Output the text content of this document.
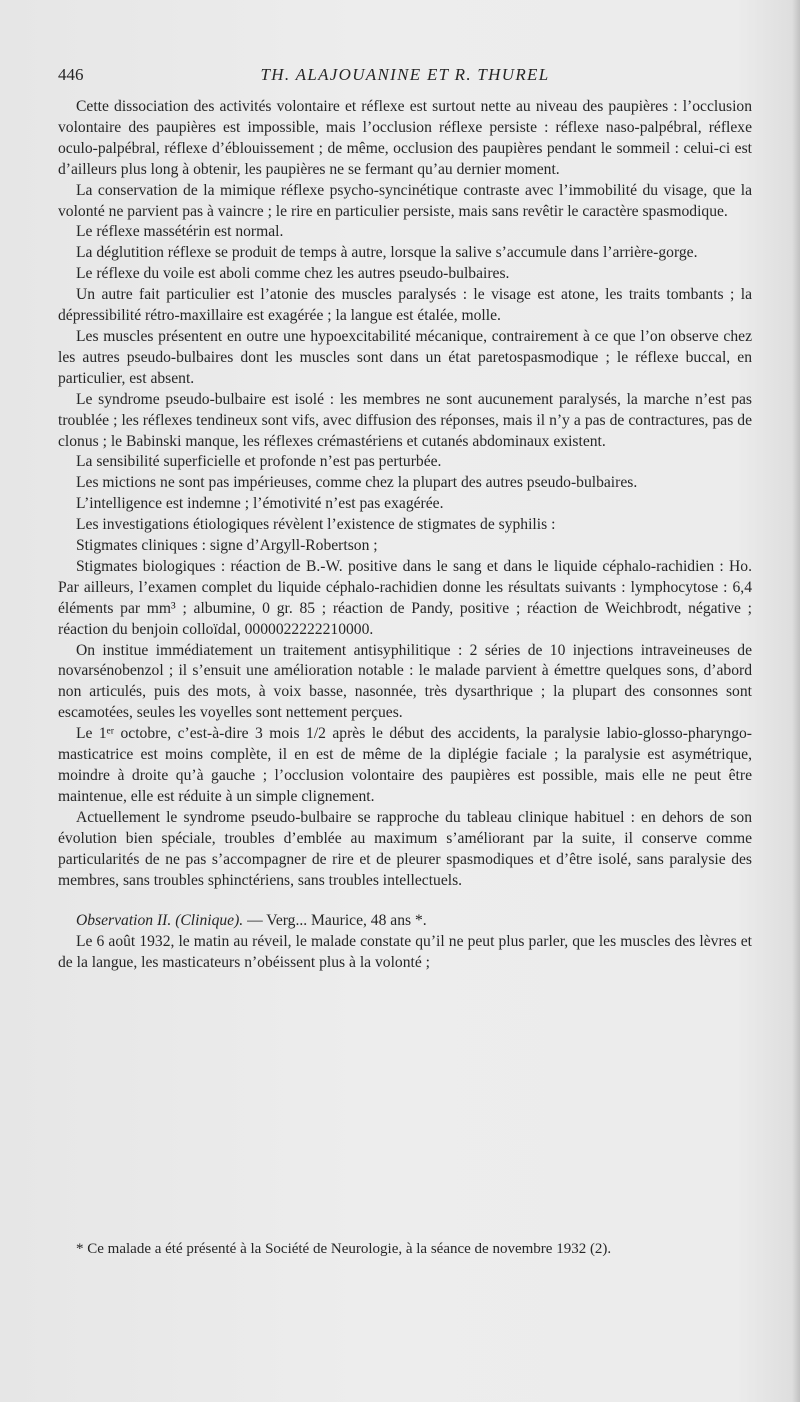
446	TH. ALAJOUANINE ET R. THUREL

Cette dissociation des activités volontaire et réflexe est surtout nette au niveau des paupières : l’occlusion volontaire des paupières est impossible, mais l’occlusion réflexe persiste : réflexe naso-palpébral, réflexe oculo-palpébral, réflexe d’éblouissement ; de même, occlusion des paupières pendant le sommeil : celui-ci est d’ailleurs plus long à obtenir, les paupières ne se fermant qu’au dernier moment.

La conservation de la mimique réflexe psycho-syncinétique contraste avec l’immobilité du visage, que la volonté ne parvient pas à vaincre ; le rire en particulier persiste, mais sans revêtir le caractère spasmodique.

Le réflexe massétérin est normal.

La déglutition réflexe se produit de temps à autre, lorsque la salive s’accumule dans l’arrière-gorge.

Le réflexe du voile est aboli comme chez les autres pseudo-bulbaires.

Un autre fait particulier est l’atonie des muscles paralysés : le visage est atone, les traits tombants ; la dépressibilité rétro-maxillaire est exagérée ; la langue est étalée, molle.

Les muscles présentent en outre une hypoexcitabilité mécanique, contrairement à ce que l’on observe chez les autres pseudo-bulbaires dont les muscles sont dans un état paretospasmodique ; le réflexe buccal, en particulier, est absent.

Le syndrome pseudo-bulbaire est isolé : les membres ne sont aucunement paralysés, la marche n’est pas troublée ; les réflexes tendineux sont vifs, avec diffusion des réponses, mais il n’y a pas de contractures, pas de clonus ; le Babinski manque, les réflexes crémastériens et cutanés abdominaux existent.

La sensibilité superficielle et profonde n’est pas perturbée.

Les mictions ne sont pas impérieuses, comme chez la plupart des autres pseudo-bulbaires.

L’intelligence est indemne ; l’émotivité n’est pas exagérée.

Les investigations étiologiques révèlent l’existence de stigmates de syphilis :

Stigmates cliniques : signe d’Argyll-Robertson ;

Stigmates biologiques : réaction de B.-W. positive dans le sang et dans le liquide céphalo-rachidien : Ho. Par ailleurs, l’examen complet du liquide céphalo-rachidien donne les résultats suivants : lymphocytose : 6,4 éléments par mm³ ; albumine, 0 gr. 85 ; réaction de Pandy, positive ; réaction de Weichbrodt, négative ; réaction du benjoin colloïdal, 0000022222210000.

On institue immédiatement un traitement antisyphilitique : 2 séries de 10 injections intraveineuses de novarsénobenzol ; il s’ensuit une amélioration notable : le malade parvient à émettre quelques sons, d’abord non articulés, puis des mots, à voix basse, nasonnée, très dysarthrique ; la plupart des consonnes sont escamotées, seules les voyelles sont nettement perçues.

Le 1ᵉʳ octobre, c’est-à-dire 3 mois 1/2 après le début des accidents, la paralysie labio-glosso-pharyngo-masticatrice est moins complète, il en est de même de la diplégie faciale ; la paralysie est asymétrique, moindre à droite qu’à gauche ; l’occlusion volontaire des paupières est possible, mais elle ne peut être maintenue, elle est réduite à un simple clignement.

Actuellement le syndrome pseudo-bulbaire se rapproche du tableau clinique habituel : en dehors de son évolution bien spéciale, troubles d’emblée au maximum s’améliorant par la suite, il conserve comme particularités de ne pas s’accompagner de rire et de pleurer spasmodiques et d’être isolé, sans paralysie des membres, sans troubles sphinctériens, sans troubles intellectuels.

Observation II. (Clinique). — Verg... Maurice, 48 ans *.

Le 6 août 1932, le matin au réveil, le malade constate qu’il ne peut plus parler, que les muscles des lèvres et de la langue, les masticateurs n’obéissent plus à la volonté ;

* Ce malade a été présenté à la Société de Neurologie, à la séance de novembre 1932 (2).
